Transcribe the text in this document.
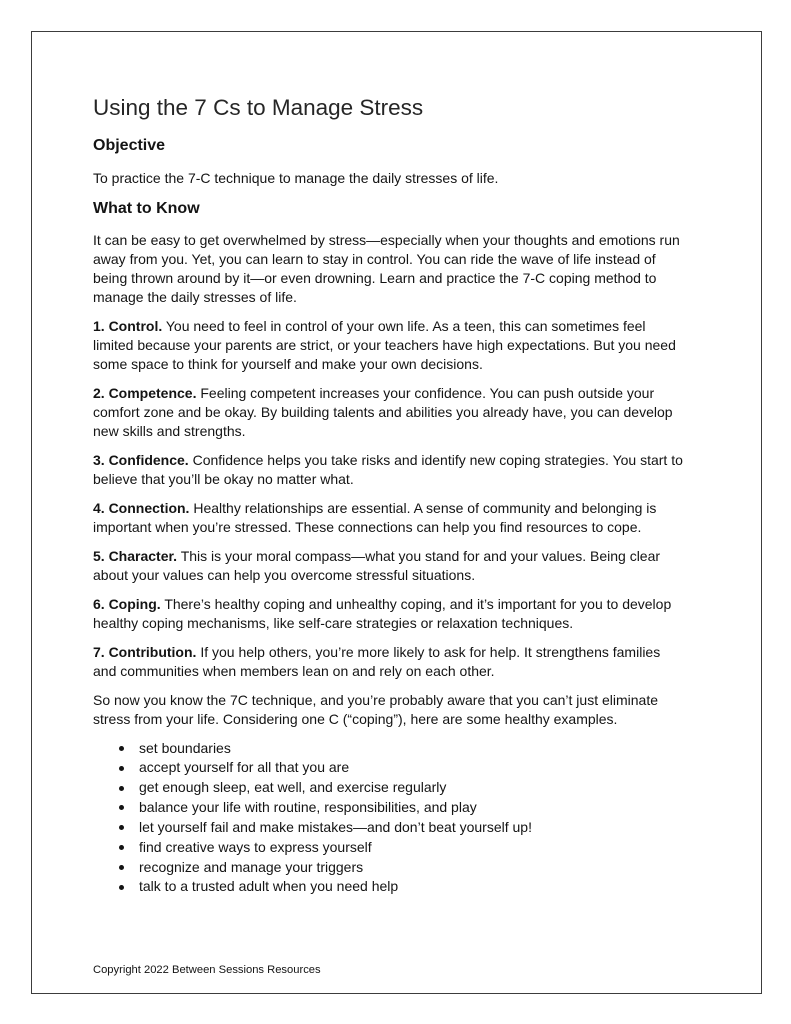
Using the 7 Cs to Manage Stress
Objective

To practice the 7-C technique to manage the daily stresses of life.

What to Know

It can be easy to get overwhelmed by stress—especially when your thoughts and emotions run
away from you. Yet, you can learn to stay in control. You can ride the wave of life instead of
being thrown around by it—or even drowning. Learn and practice the 7-C coping method to
manage the daily stresses of life.

1. Control. You need to feel in control of your own life. As a teen, this can sometimes feel
limited because your parents are strict, or your teachers have high expectations. But you need
some space to think for yourself and make your own decisions.

2. Competence. Feeling competent increases your confidence. You can push outside your
comfort zone and be okay. By building talents and abilities you already have, you can develop
new skills and strengths.

3. Confidence. Confidence helps you take risks and identify new coping strategies. You start to
believe that you’ll be okay no matter what.

4. Connection. Healthy relationships are essential. A sense of community and belonging is
important when you’re stressed. These connections can help you find resources to cope.

5. Character. This is your moral compass—what you stand for and your values. Being clear
about your values can help you overcome stressful situations.

6. Coping. There’s healthy coping and unhealthy coping, and it’s important for you to develop
healthy coping mechanisms, like self-care strategies or relaxation techniques.

7. Contribution. If you help others, you’re more likely to ask for help. It strengthens families
and communities when members lean on and rely on each other.

So now you know the 7C technique, and you’re probably aware that you can’t just eliminate
stress from your life. Considering one C (“coping”), here are some healthy examples.

set boundaries
accept yourself for all that you are
get enough sleep, eat well, and exercise regularly
balance your life with routine, responsibilities, and play
let yourself fail and make mistakes—and don’t beat yourself up!
find creative ways to express yourself
recognize and manage your triggers
talk to a trusted adult when you need help
Copyright 2022 Between Sessions Resources
